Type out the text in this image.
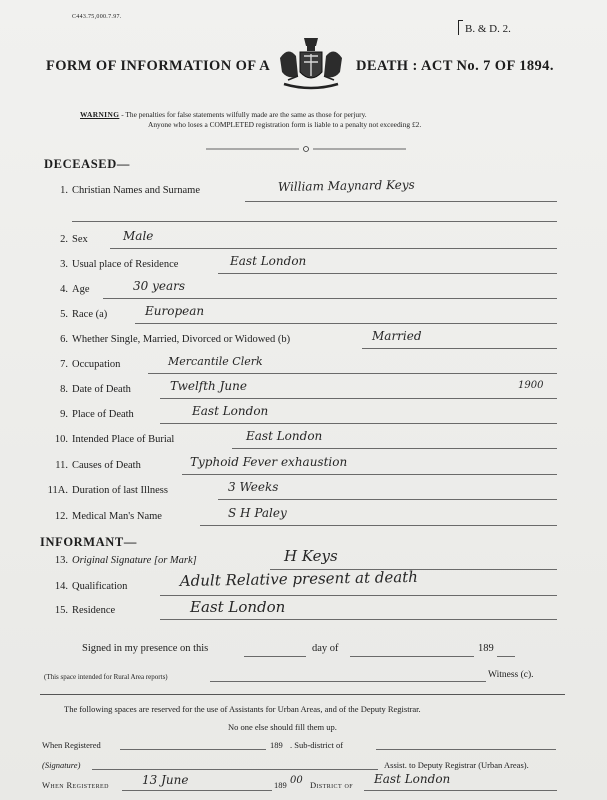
C443.75,000.7.97.
B. & D. 2.
FORM OF INFORMATION OF A	DEATH : ACT No. 7 OF 1894.
WARNING - The penalties for false statements wilfully made are the same as those for perjury.
Anyone who loses a COMPLETED registration form is liable to a penalty not exceeding £2.
DECEASED—
1. Christian Names and Surname	William Maynard Keys
2. Sex	Male
3. Usual place of Residence	East London
4. Age	30 years
5. Race (a)	European
6. Whether Single, Married, Divorced or Widowed (b)	Married
7. Occupation	Mercantile Clerk
8. Date of Death	Twelfth June	1900
9. Place of Death	East London
10. Intended Place of Burial	East London
11. Causes of Death	Typhoid Fever exhaustion
11A. Duration of last Illness	3 Weeks
12. Medical Man's Name	S H Paley
INFORMANT—
13. Original Signature [or Mark]	H Keys
14. Qualification	Adult Relative present at death
15. Residence	East London
Signed in my presence on this	day of	189
(This space intended for Rural Area reports)	Witness (c).
The following spaces are reserved for the use of Assistants for Urban Areas, and of the Deputy Registrar.
No one else should fill them up.
When Registered	189 . Sub-district of
(Signature)	Assist. to Deputy Registrar (Urban Areas).
When Registered	13 June	189 00 District of East London
